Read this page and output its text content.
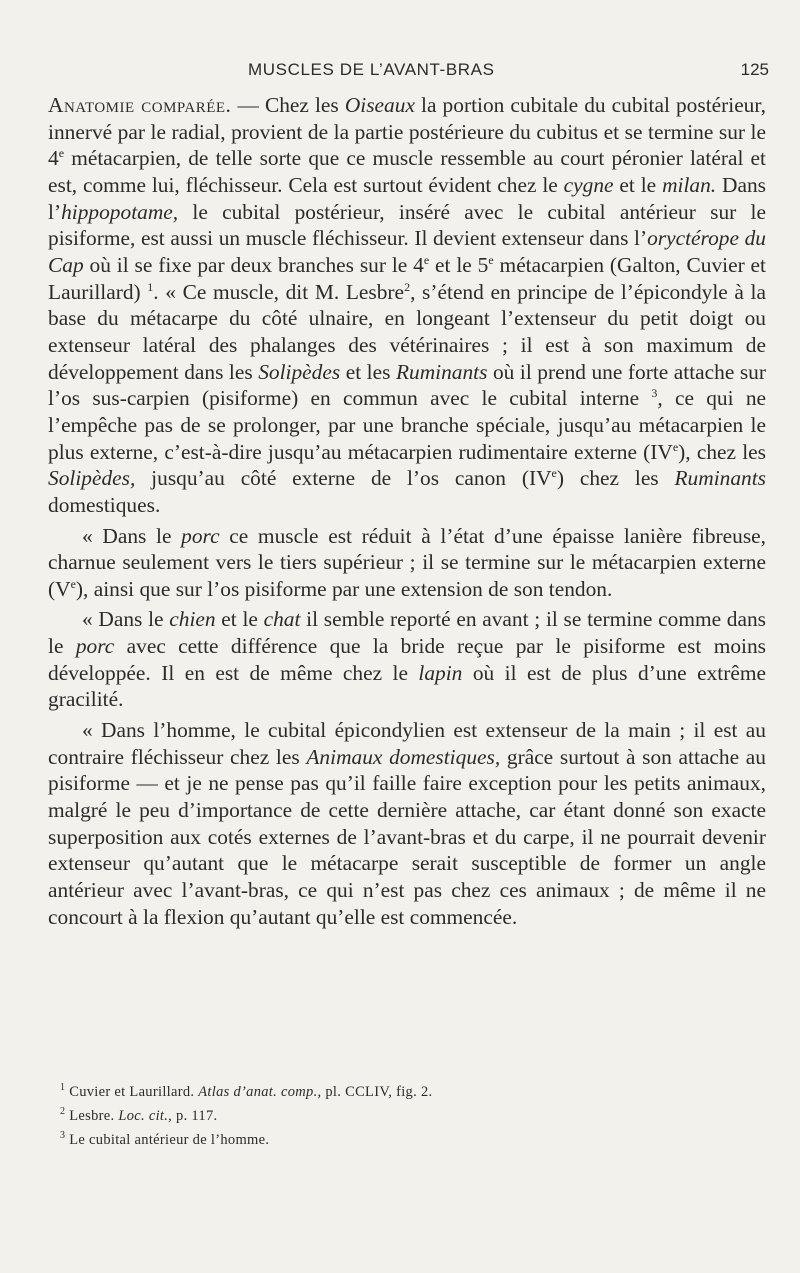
MUSCLES DE L’AVANT-BRAS	125

Anatomie comparée. — Chez les Oiseaux la portion cubitale du cubital postérieur, innervé par le radial, provient de la partie postérieure du cubitus et se termine sur le 4e métacarpien, de telle sorte que ce muscle ressemble au court péronier latéral et est, comme lui, fléchisseur. Cela est surtout évident chez le cygne et le milan. Dans l’hippopotame, le cubital postérieur, inséré avec le cubital antérieur sur le pisiforme, est aussi un muscle fléchisseur. Il devient extenseur dans l’oryctérope du Cap où il se fixe par deux branches sur le 4e et le 5e métacarpien (Galton, Cuvier et Laurillard) $^1$. « Ce muscle, dit M. Lesbre$^2$, s’étend en principe de l’épicondyle à la base du métacarpe du côté ulnaire, en longeant l’extenseur du petit doigt ou extenseur latéral des phalanges des vétérinaires ; il est à son maximum de développement dans les Solipèdes et les Ruminants où il prend une forte attache sur l’os sus-carpien (pisiforme) en commun avec le cubital interne $^3$, ce qui ne l’empêche pas de se prolonger, par une branche spéciale, jusqu’au métacarpien le plus externe, c’est-à-dire jusqu’au métacarpien rudimentaire externe (IVe), chez les Solipèdes, jusqu’au côté externe de l’os canon (IVe) chez les Ruminants domestiques.

« Dans le porc ce muscle est réduit à l’état d’une épaisse lanière fibreuse, charnue seulement vers le tiers supérieur ; il se termine sur le métacarpien externe (Ve), ainsi que sur l’os pisiforme par une extension de son tendon.

« Dans le chien et le chat il semble reporté en avant ; il se termine comme dans le porc avec cette différence que la bride reçue par le pisiforme est moins développée. Il en est de même chez le lapin où il est de plus d’une extrême gracilité.

« Dans l’homme, le cubital épicondylien est extenseur de la main ; il est au contraire fléchisseur chez les Animaux domestiques, grâce surtout à son attache au pisiforme — et je ne pense pas qu’il faille faire exception pour les petits animaux, malgré le peu d’importance de cette dernière attache, car étant donné son exacte superposition aux cotés externes de l’avant-bras et du carpe, il ne pourrait devenir extenseur qu’autant que le métacarpe serait susceptible de former un angle antérieur avec l’avant-bras, ce qui n’est pas chez ces animaux ; de même il ne concourt à la flexion qu’autant qu’elle est commencée.

$^1$ Cuvier et Laurillard. Atlas d’anat. comp., pl. CCLIV, fig. 2.

$^2$ Lesbre. Loc. cit., p. 117.

$^3$ Le cubital antérieur de l’homme.
